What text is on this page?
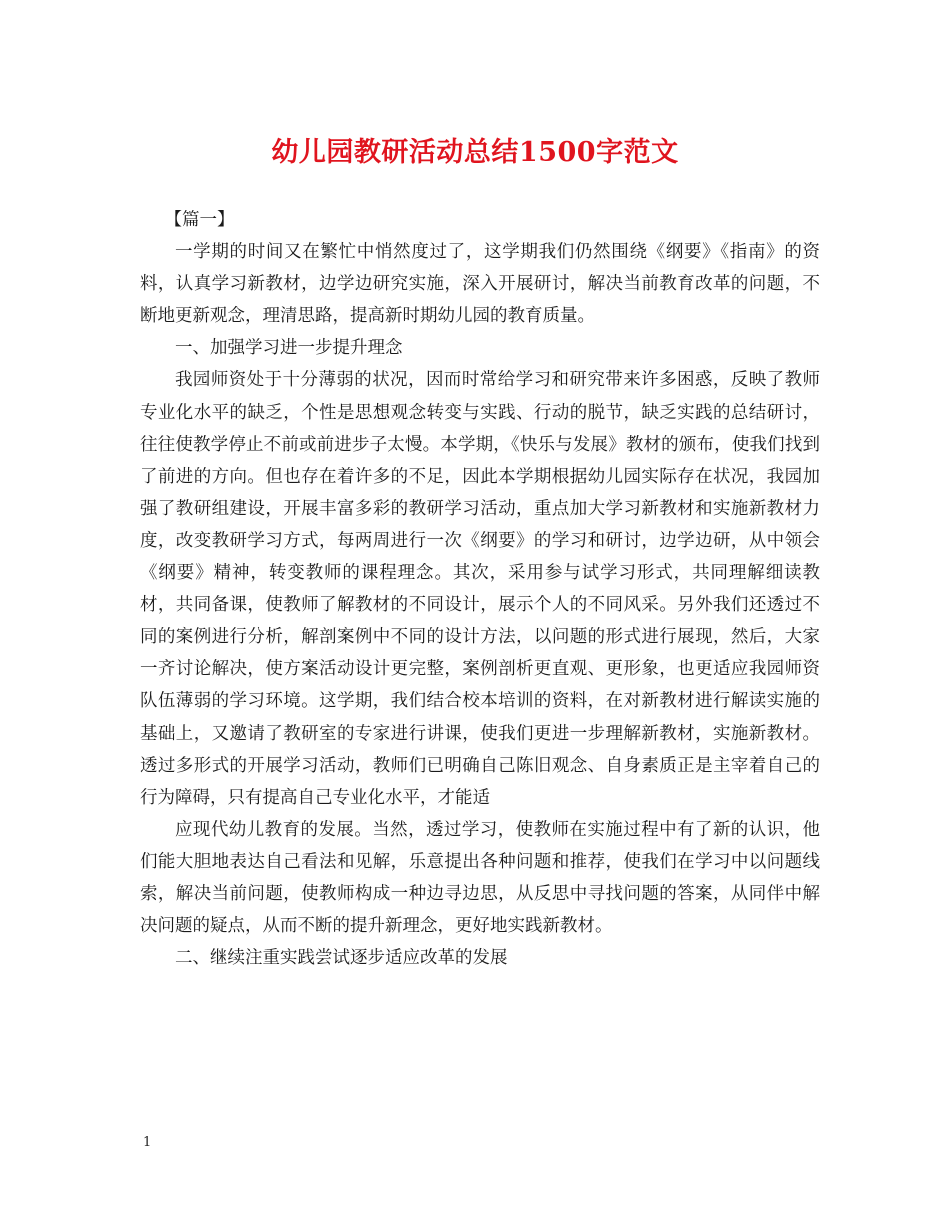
幼儿园教研活动总结1500字范文

【篇一】

一学期的时间又在繁忙中悄然度过了，这学期我们仍然围绕《纲要》《指南》的资料，认真学习新教材，边学边研究实施，深入开展研讨，解决当前教育改革的问题，不断地更新观念，理清思路，提高新时期幼儿园的教育质量。

一、加强学习进一步提升理念

我园师资处于十分薄弱的状况，因而时常给学习和研究带来许多困惑，反映了教师专业化水平的缺乏，个性是思想观念转变与实践、行动的脱节，缺乏实践的总结研讨，往往使教学停止不前或前进步子太慢。本学期，《快乐与发展》教材的颁布，使我们找到了前进的方向。但也存在着许多的不足，因此本学期根据幼儿园实际存在状况，我园加强了教研组建设，开展丰富多彩的教研学习活动，重点加大学习新教材和实施新教材力度，改变教研学习方式，每两周进行一次《纲要》的学习和研讨，边学边研，从中领会《纲要》精神，转变教师的课程理念。其次，采用参与试学习形式，共同理解细读教材，共同备课，使教师了解教材的不同设计，展示个人的不同风采。另外我们还透过不同的案例进行分析，解剖案例中不同的设计方法，以问题的形式进行展现，然后，大家一齐讨论解决，使方案活动设计更完整，案例剖析更直观、更形象，也更适应我园师资队伍薄弱的学习环境。这学期，我们结合校本培训的资料，在对新教材进行解读实施的基础上，又邀请了教研室的专家进行讲课，使我们更进一步理解新教材，实施新教材。透过多形式的开展学习活动，教师们已明确自己陈旧观念、自身素质正是主宰着自己的行为障碍，只有提高自己专业化水平，才能适

应现代幼儿教育的发展。当然，透过学习，使教师在实施过程中有了新的认识，他们能大胆地表达自己看法和见解，乐意提出各种问题和推荐，使我们在学习中以问题线索，解决当前问题，使教师构成一种边寻边思，从反思中寻找问题的答案，从同伴中解决问题的疑点，从而不断的提升新理念，更好地实践新教材。

二、继续注重实践尝试逐步适应改革的发展

1
